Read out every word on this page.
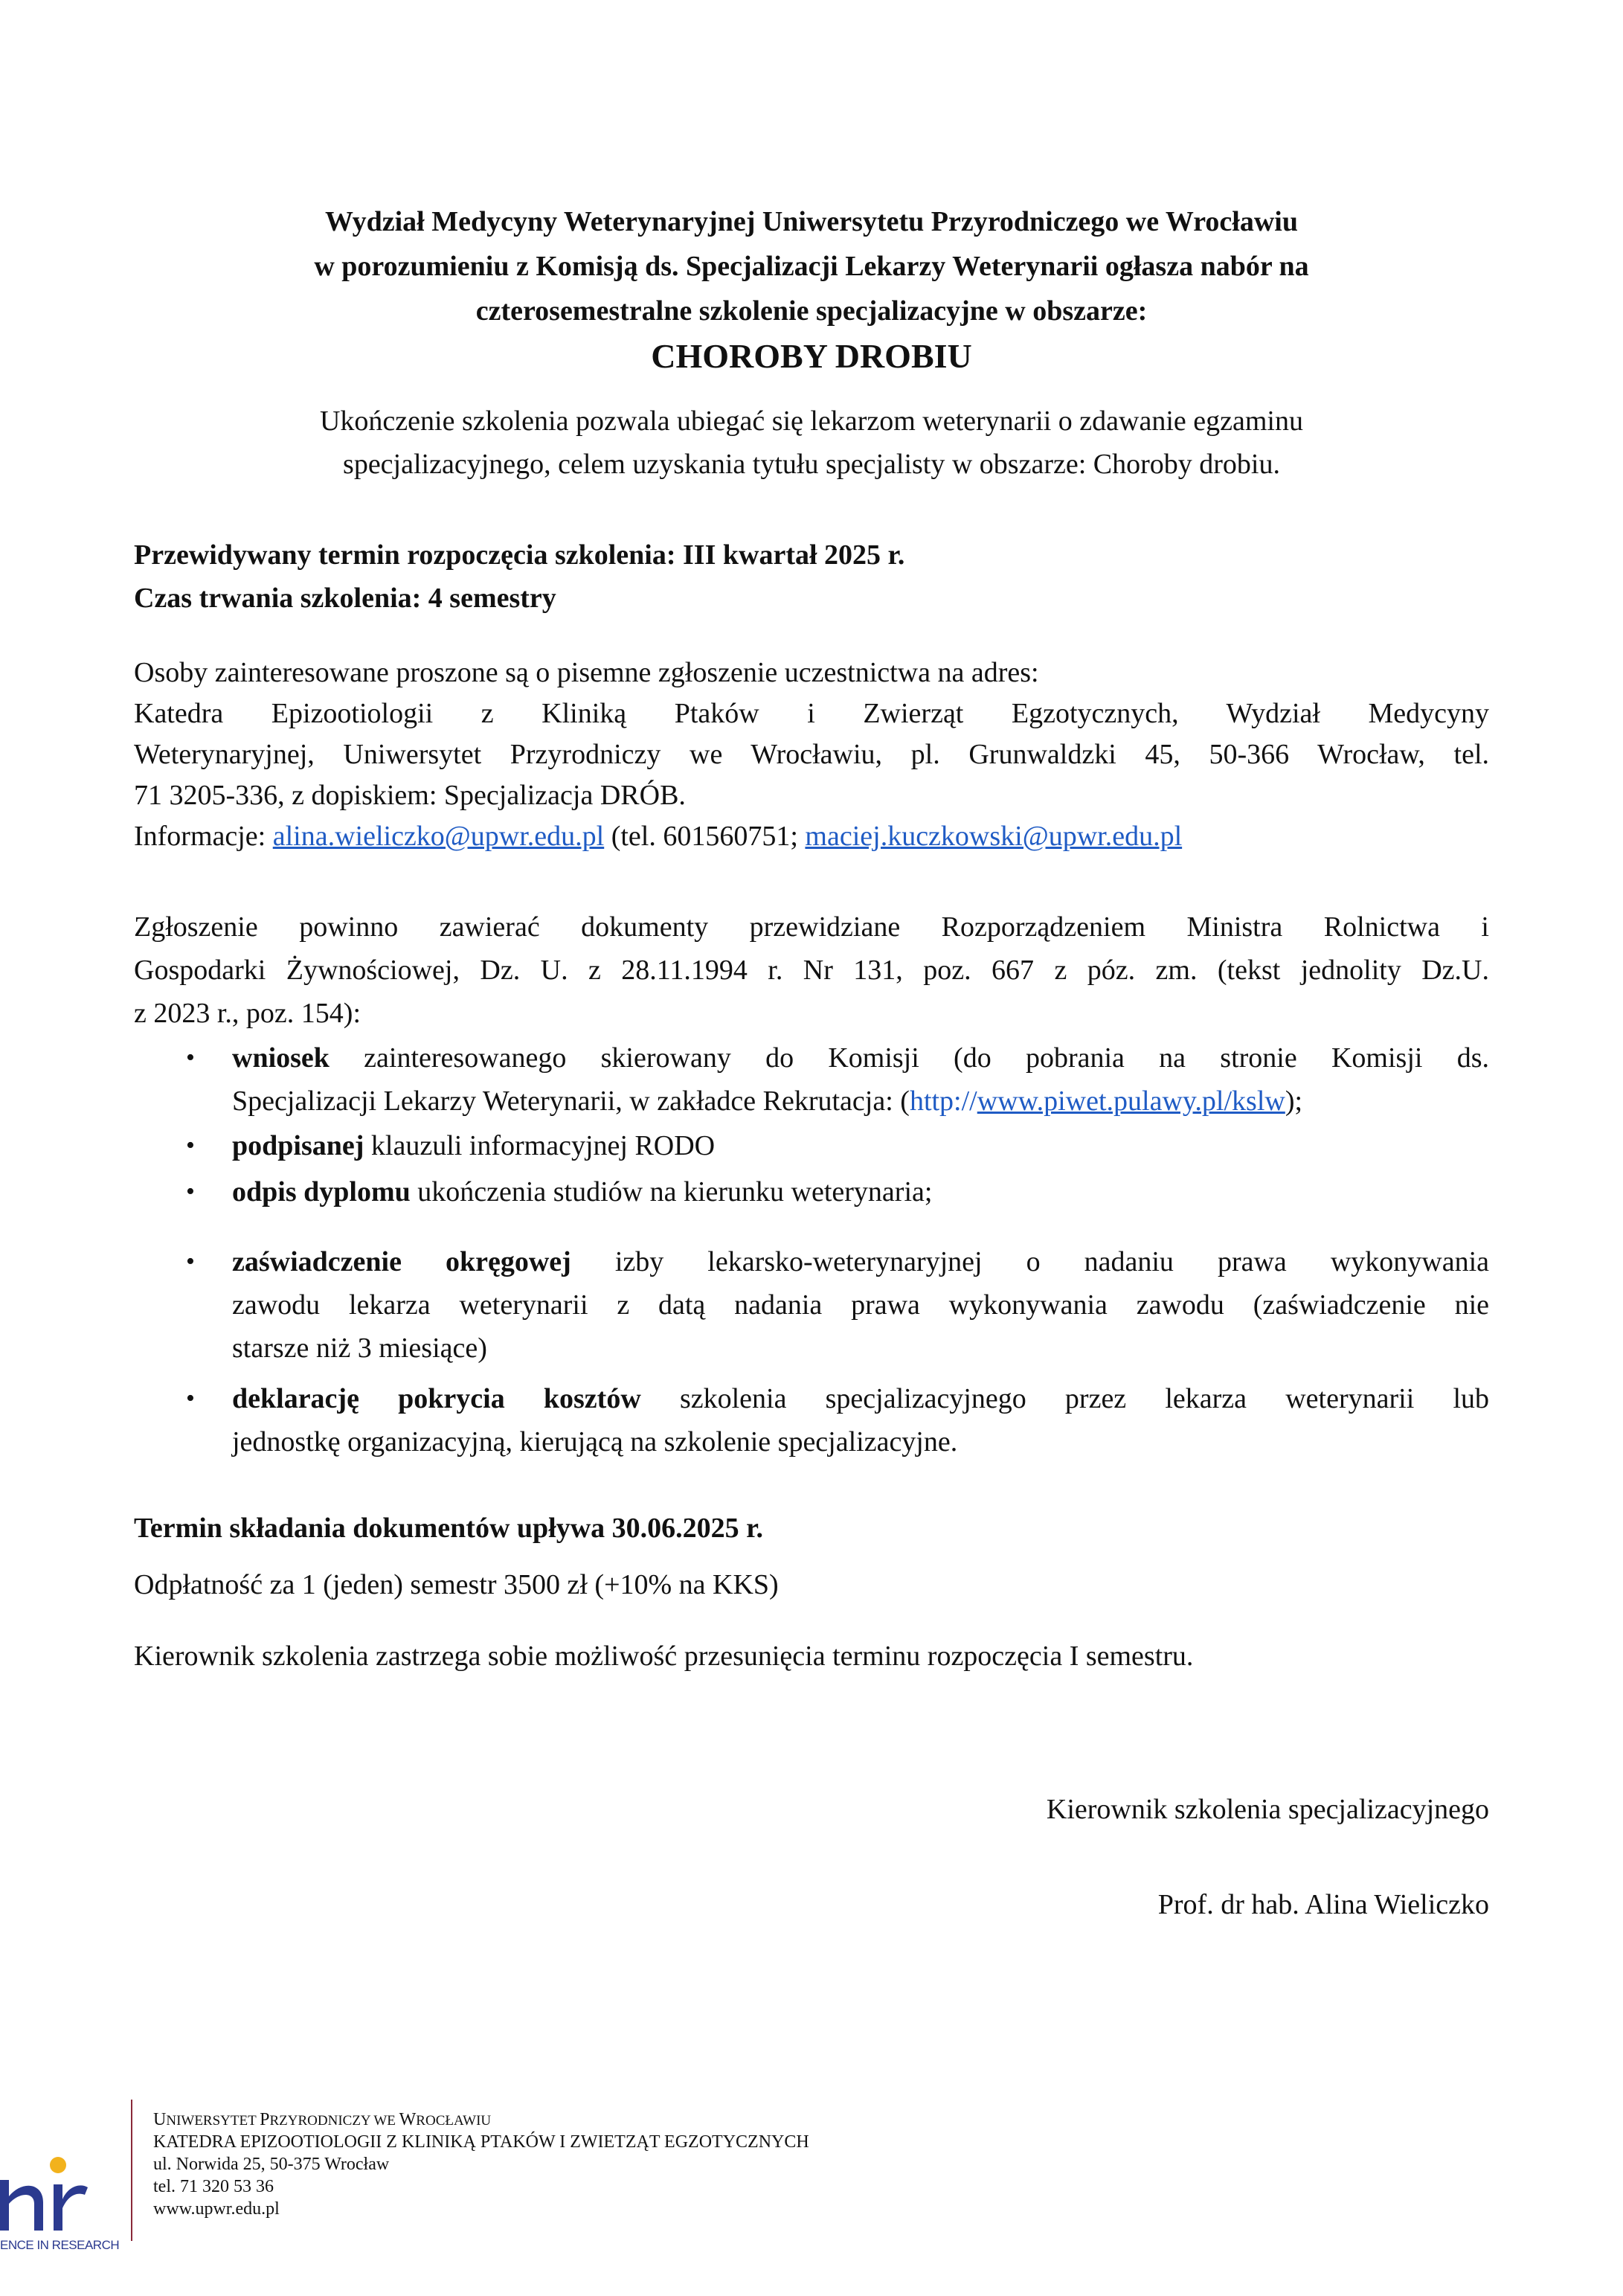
Wydział Medycyny Weterynaryjnej Uniwersytetu Przyrodniczego we Wrocławiu
w porozumieniu z Komisją ds. Specjalizacji Lekarzy Weterynarii ogłasza nabór na
czterosemestralne szkolenie specjalizacyjne w obszarze:
CHOROBY DROBIU
Ukończenie szkolenia pozwala ubiegać się lekarzom weterynarii o zdawanie egzaminu
specjalizacyjnego, celem uzyskania tytułu specjalisty w obszarze: Choroby drobiu.
Przewidywany termin rozpoczęcia szkolenia: III kwartał 2025 r.
Czas trwania szkolenia: 4 semestry
Osoby zainteresowane proszone są o pisemne zgłoszenie uczestnictwa na adres:
Katedra Epizootiologii z Kliniką Ptaków i Zwierząt Egzotycznych, Wydział Medycyny
Weterynaryjnej, Uniwersytet Przyrodniczy we Wrocławiu, pl. Grunwaldzki 45, 50-366 Wrocław, tel.
71 3205-336, z dopiskiem: Specjalizacja DRÓB.
Informacje: alina.wieliczko@upwr.edu.pl (tel. 601560751; maciej.kuczkowski@upwr.edu.pl
Zgłoszenie powinno zawierać dokumenty przewidziane Rozporządzeniem Ministra Rolnictwa i
Gospodarki Żywnościowej, Dz. U. z 28.11.1994 r. Nr 131, poz. 667 z póz. zm. (tekst jednolity Dz.U.
z 2023 r., poz. 154):
• wniosek zainteresowanego skierowany do Komisji (do pobrania na stronie Komisji ds.
Specjalizacji Lekarzy Weterynarii, w zakładce Rekrutacja: (http://www.piwet.pulawy.pl/kslw);
• podpisanej klauzuli informacyjnej RODO
• odpis dyplomu ukończenia studiów na kierunku weterynaria;
• zaświadczenie okręgowej izby lekarsko-weterynaryjnej o nadaniu prawa wykonywania
zawodu lekarza weterynarii z datą nadania prawa wykonywania zawodu (zaświadczenie nie
starsze niż 3 miesiące)
• deklarację pokrycia kosztów szkolenia specjalizacyjnego przez lekarza weterynarii lub
jednostkę organizacyjną, kierującą na szkolenie specjalizacyjne.
Termin składania dokumentów upływa 30.06.2025 r.
Odpłatność za 1 (jeden) semestr 3500 zł (+10% na KKS)
Kierownik szkolenia zastrzega sobie możliwość przesunięcia terminu rozpoczęcia I semestru.
Kierownik szkolenia specjalizacyjnego
Prof. dr hab. Alina Wieliczko
ENCE IN RESEARCH
UNIWERSYTET PRZYRODNICZY WE WROCŁAWIU
KATEDRA EPIZOOTIOLOGII Z KLINIKĄ PTAKÓW I ZWIETZĄT EGZOTYCZNYCH
ul. Norwida 25, 50-375 Wrocław
tel. 71 320 53 36
www.upwr.edu.pl
